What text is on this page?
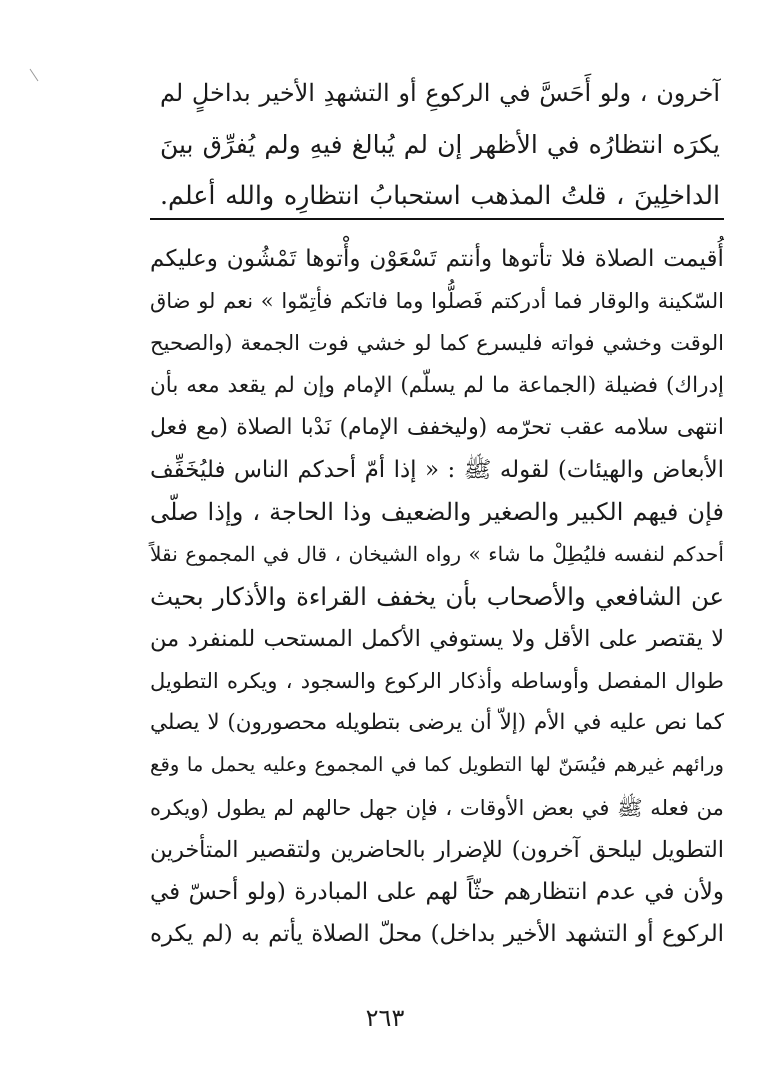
آخرون ، ولو أَحَسَّ في الركوعِ أو التشهدِ الأخير بداخلٍ لم
يكرَه انتظارُه في الأظهر إن لم يُبالغ فيهِ ولم يُفرِّق بينَ
الداخلِينَ ، قلتُ المذهب استحبابُ انتظارِه والله أعلم.
أُقيمت الصلاة فلا تأتوها وأنتم تَسْعَوْن وأْتوها تَمْشُون وعليكم
السّكينة والوقار فما أدركتم فَصلُّوا وما فاتكم فأتِمّوا » نعم لو ضاق
الوقت وخشي فواته فليسرع كما لو خشي فوت الجمعة (والصحيح
إدراك) فضيلة (الجماعة ما لم يسلّم) الإمام وإن لم يقعد معه بأن
انتهى سلامه عقب تحرّمه (وليخفف الإمام) نَدْبا الصلاة (مع فعل
الأبعاض والهيئات) لقوله ﷺ : « إذا أمّ أحدكم الناس فليُخَفِّف
فإن فيهم الكبير والصغير والضعيف وذا الحاجة ، وإذا صلّى
أحدكم لنفسه فليُطِلْ ما شاء » رواه الشيخان ، قال في المجموع نقلاً
عن الشافعي والأصحاب بأن يخفف القراءة والأذكار بحيث
لا يقتصر على الأقل ولا يستوفي الأكمل المستحب للمنفرد من
طوال المفصل وأوساطه وأذكار الركوع والسجود ، ويكره التطويل
كما نص عليه في الأم (إلاّ أن يرضى بتطويله محصورون) لا يصلي
ورائهم غيرهم فيُسَنّ لها التطويل كما في المجموع وعليه يحمل ما وقع
من فعله ﷺ في بعض الأوقات ، فإن جهل حالهم لم يطول (ويكره
التطويل ليلحق آخرون) للإضرار بالحاضرين ولتقصير المتأخرين
ولأن في عدم انتظارهم حثّاً لهم على المبادرة (ولو أحسّ في
الركوع أو التشهد الأخير بداخل) محلّ الصلاة يأتم به (لم يكره
٢٦٣
